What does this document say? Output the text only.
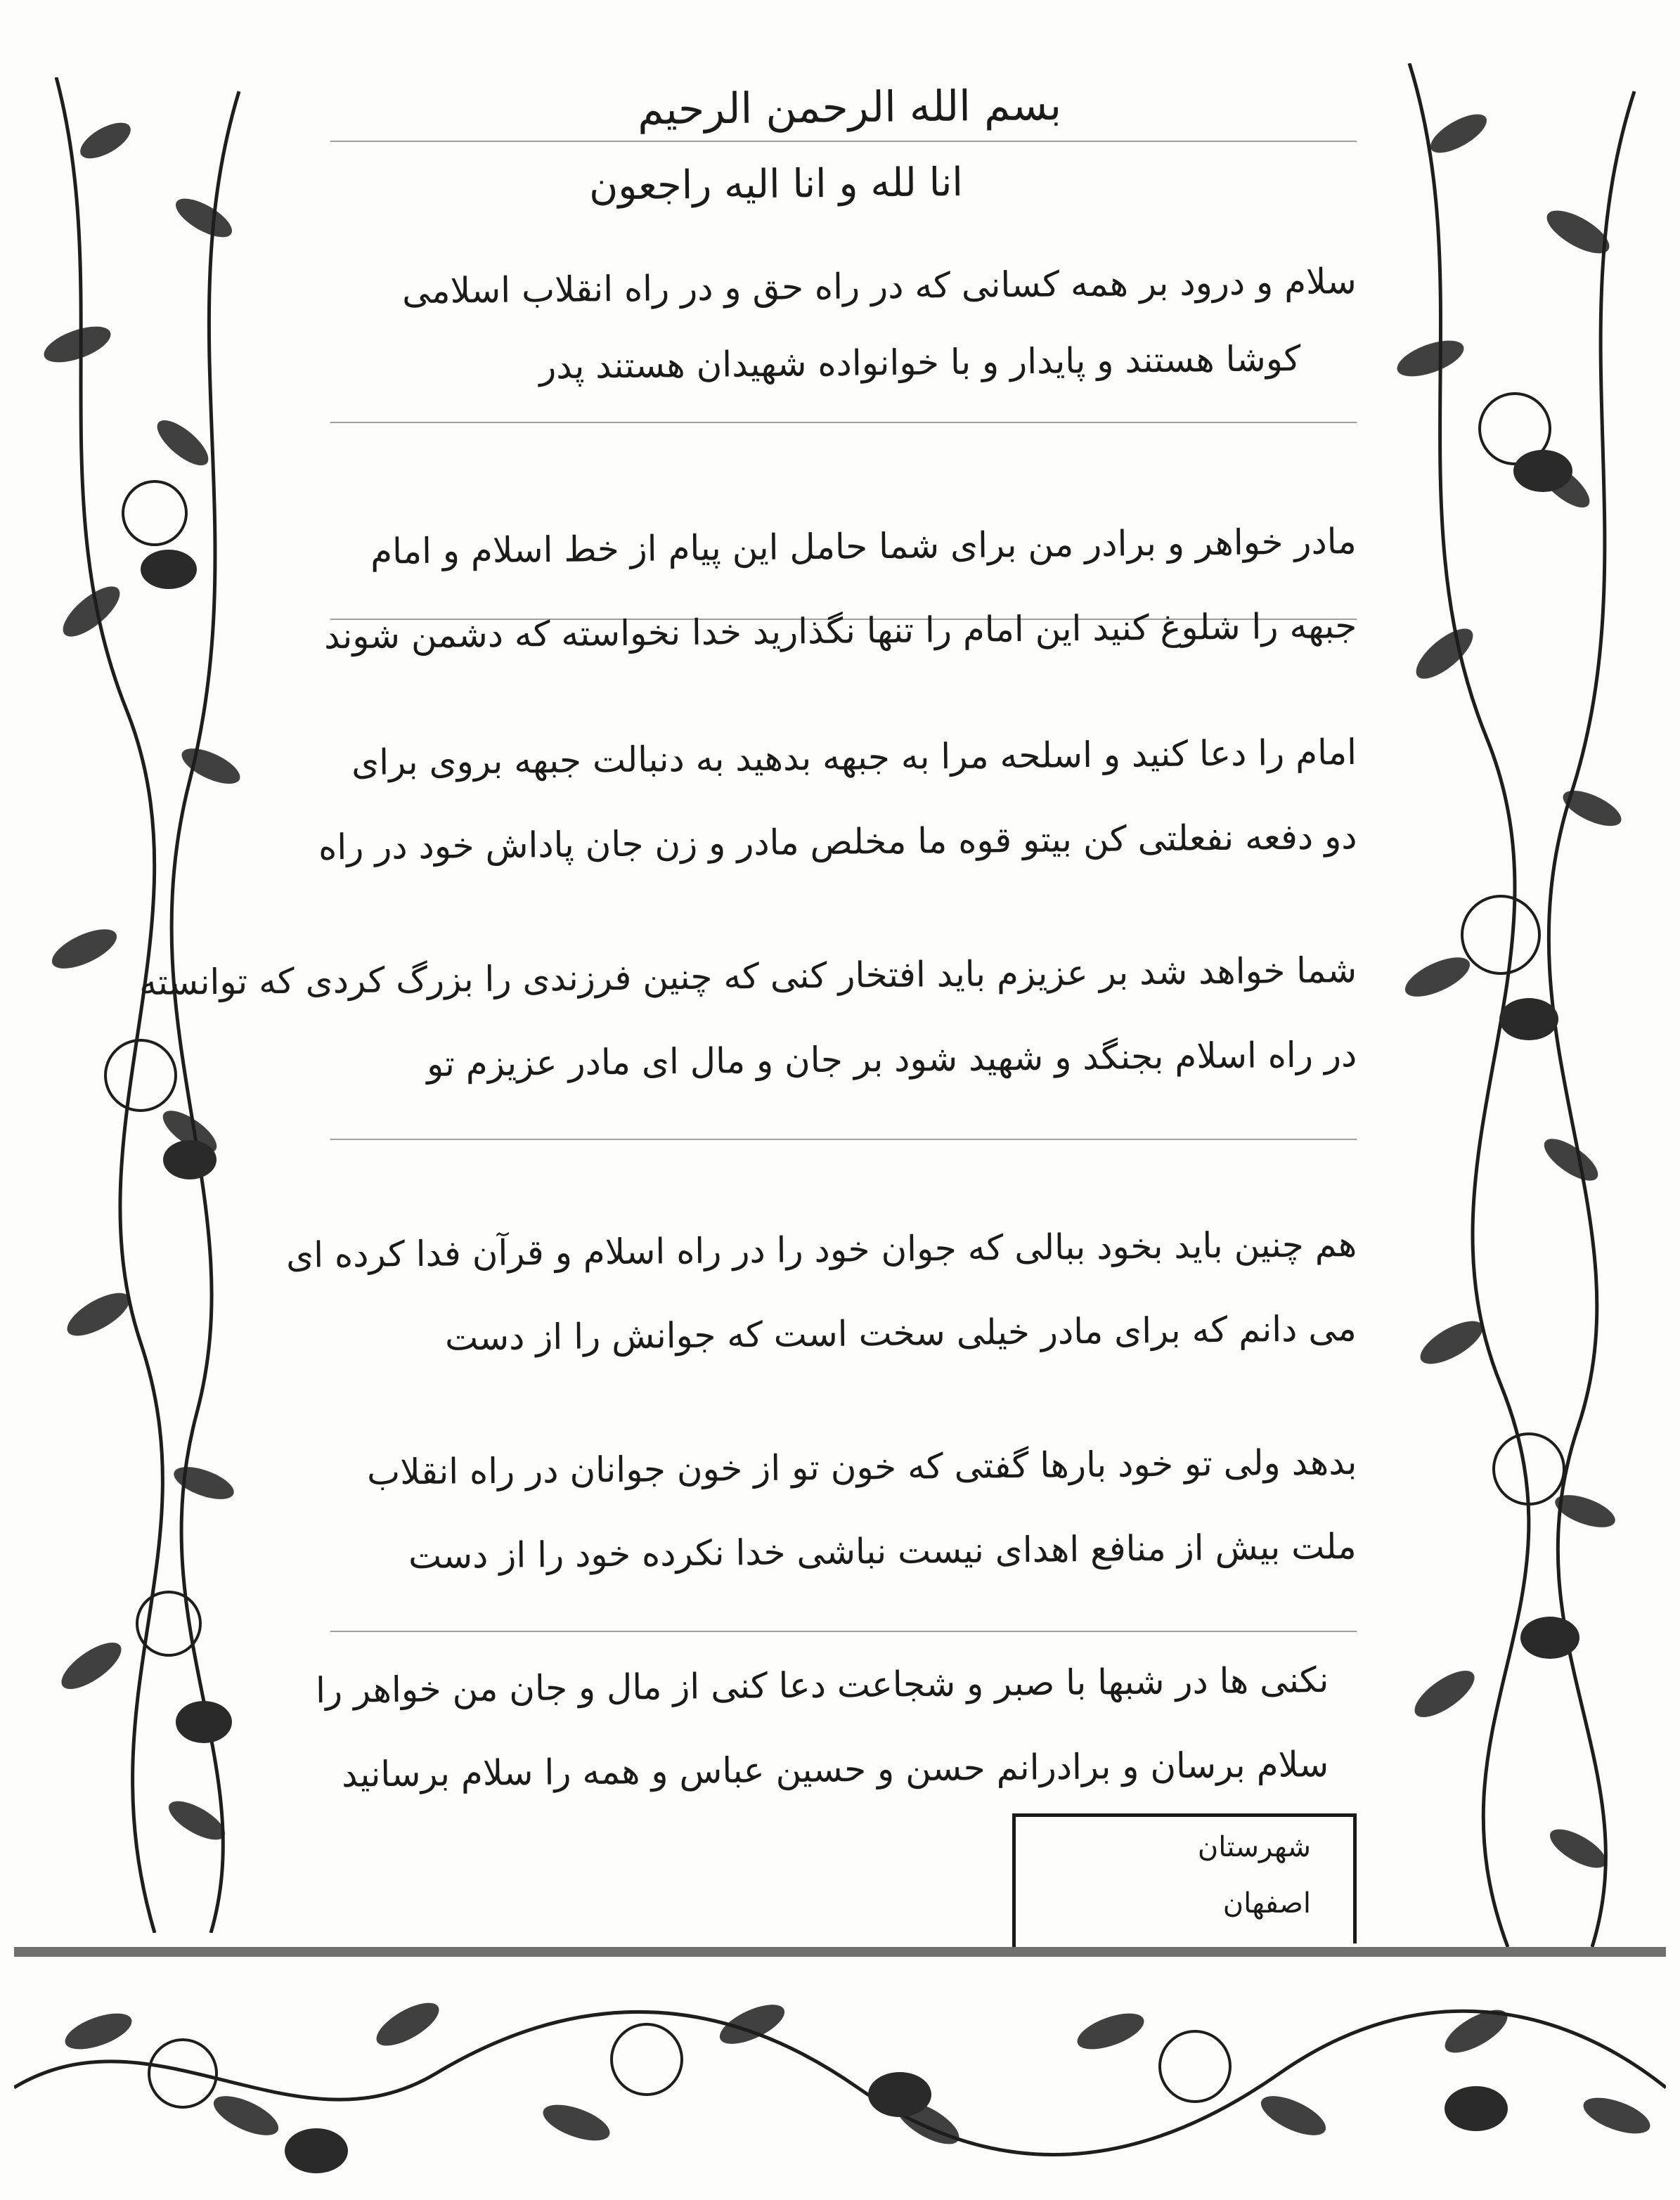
بسم الله الرحمن الرحیم
انا لله و انا الیه راجعون
سلام و درود بر همه کسانی که در راه حق و در راه انقلاب اسلامی
کوشا هستند و پایدار و با خوانواده شهیدان هستند پدر
مادر خواهر و برادر من برای شما حامل این پیام از خط اسلام و امام
جبهه را شلوغ کنید این امام را تنها نگذارید خدا نخواسته که دشمن شوند
امام را دعا کنید و اسلحه مرا به جبهه بدهید به دنبالت جبهه بروی برای
دو دفعه نفعلتی کن بیتو قوه ما مخلص مادر و زن جان پاداش خود در راه
شما خواهد شد بر عزیزم باید افتخار کنی که چنین فرزندی را بزرگ کردی که توانسته
در راه اسلام بجنگد و شهید شود بر جان و مال ای مادر عزیزم تو
هم چنین باید بخود ببالی که جوان خود را در راه اسلام و قرآن فدا کرده ای
می دانم که برای مادر خیلی سخت است که جوانش را از دست
بدهد ولی تو خود بارها گفتی که خون تو از خون جوانان در راه انقلاب
ملت بیش از منافع اهدای نیست نباشی خدا نکرده خود را از دست
نکنی ها در شبها با صبر و شجاعت دعا کنی از مال و جان من خواهر را
سلام برسان و برادرانم حسن و حسین عباس و همه را سلام برسانید
شهرستان
اصفهان
